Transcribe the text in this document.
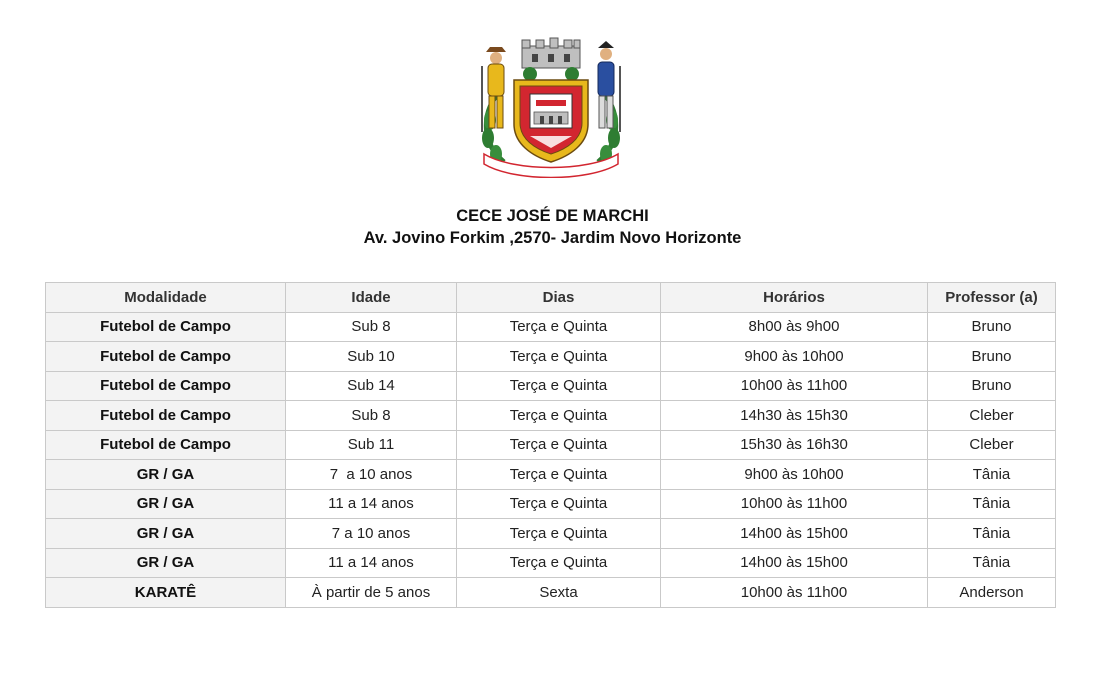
CECE JOSÉ DE MARCHI
Av. Jovino Forkim ,2570- Jardim Novo Horizonte
Modalidade	Idade	Dias	Horários	Professor (a)
Futebol de Campo	Sub 8	Terça e Quinta	8h00 às 9h00	Bruno
Futebol de Campo	Sub 10	Terça e Quinta	9h00 às 10h00	Bruno
Futebol de Campo	Sub 14	Terça e Quinta	10h00 às 11h00	Bruno
Futebol de Campo	Sub 8	Terça e Quinta	14h30 às 15h30	Cleber
Futebol de Campo	Sub 11	Terça e Quinta	15h30 às 16h30	Cleber
GR / GA	7  a 10 anos	Terça e Quinta	9h00 às 10h00	Tânia
GR / GA	11 a 14 anos	Terça e Quinta	10h00 às 11h00	Tânia
GR / GA	7 a 10 anos	Terça e Quinta	14h00 às 15h00	Tânia
GR / GA	11 a 14 anos	Terça e Quinta	14h00 às 15h00	Tânia
KARATÊ	À partir de 5 anos	Sexta	10h00 às 11h00	Anderson
